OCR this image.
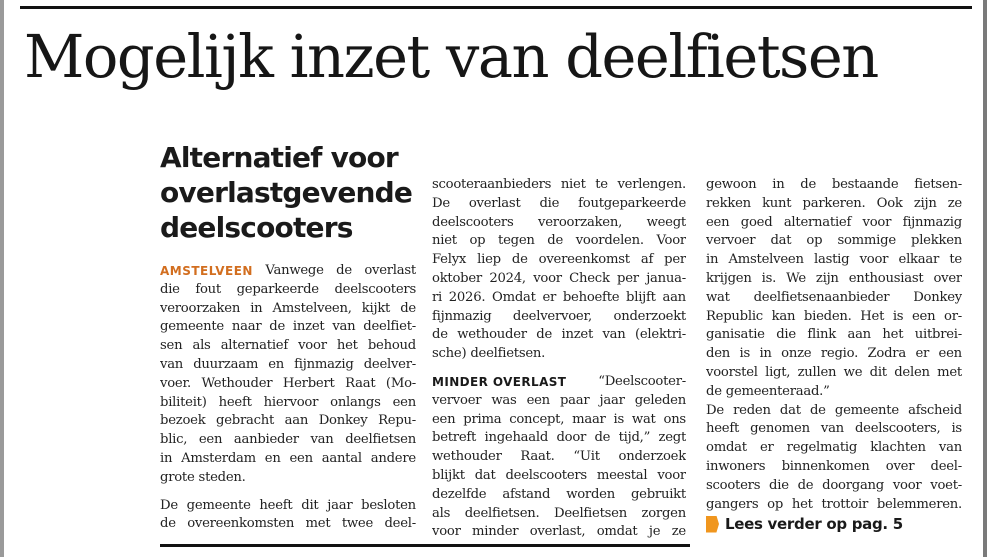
Mogelijk inzet van deelfietsen
Alternatief voor
overlastgevende
deelscooters
AMSTELVEEN Vanwege de overlast
die fout geparkeerde deelscooters
veroorzaken in Amstelveen, kijkt de
gemeente naar de inzet van deelfiet-
sen als alternatief voor het behoud
van duurzaam en fijnmazig deelver-
voer. Wethouder Herbert Raat (Mo-
biliteit) heeft hiervoor onlangs een
bezoek gebracht aan Donkey Repu-
blic, een aanbieder van deelfietsen
in Amsterdam en een aantal andere
grote steden.
De gemeente heeft dit jaar besloten
de overeenkomsten met twee deel-
scooteraanbieders niet te verlengen.
De overlast die foutgeparkeerde
deelscooters veroorzaken, weegt
niet op tegen de voordelen. Voor
Felyx liep de overeenkomst af per
oktober 2024, voor Check per janua-
ri 2026. Omdat er behoefte blijft aan
fijnmazig deelvervoer, onderzoekt
de wethouder de inzet van (elektri-
sche) deelfietsen.
MINDER OVERLAST “Deelscooter-
vervoer was een paar jaar geleden
een prima concept, maar is wat ons
betreft ingehaald door de tijd,” zegt
wethouder Raat. “Uit onderzoek
blijkt dat deelscooters meestal voor
dezelfde afstand worden gebruikt
als deelfietsen. Deelfietsen zorgen
voor minder overlast, omdat je ze
gewoon in de bestaande fietsen-
rekken kunt parkeren. Ook zijn ze
een goed alternatief voor fijnmazig
vervoer dat op sommige plekken
in Amstelveen lastig voor elkaar te
krijgen is. We zijn enthousiast over
wat deelfietsenaanbieder Donkey
Republic kan bieden. Het is een or-
ganisatie die flink aan het uitbrei-
den is in onze regio. Zodra er een
voorstel ligt, zullen we dit delen met
de gemeenteraad.”
De reden dat de gemeente afscheid
heeft genomen van deelscooters, is
omdat er regelmatig klachten van
inwoners binnenkomen over deel-
scooters die de doorgang voor voet-
gangers op het trottoir belemmeren.
Lees verder op pag. 5
